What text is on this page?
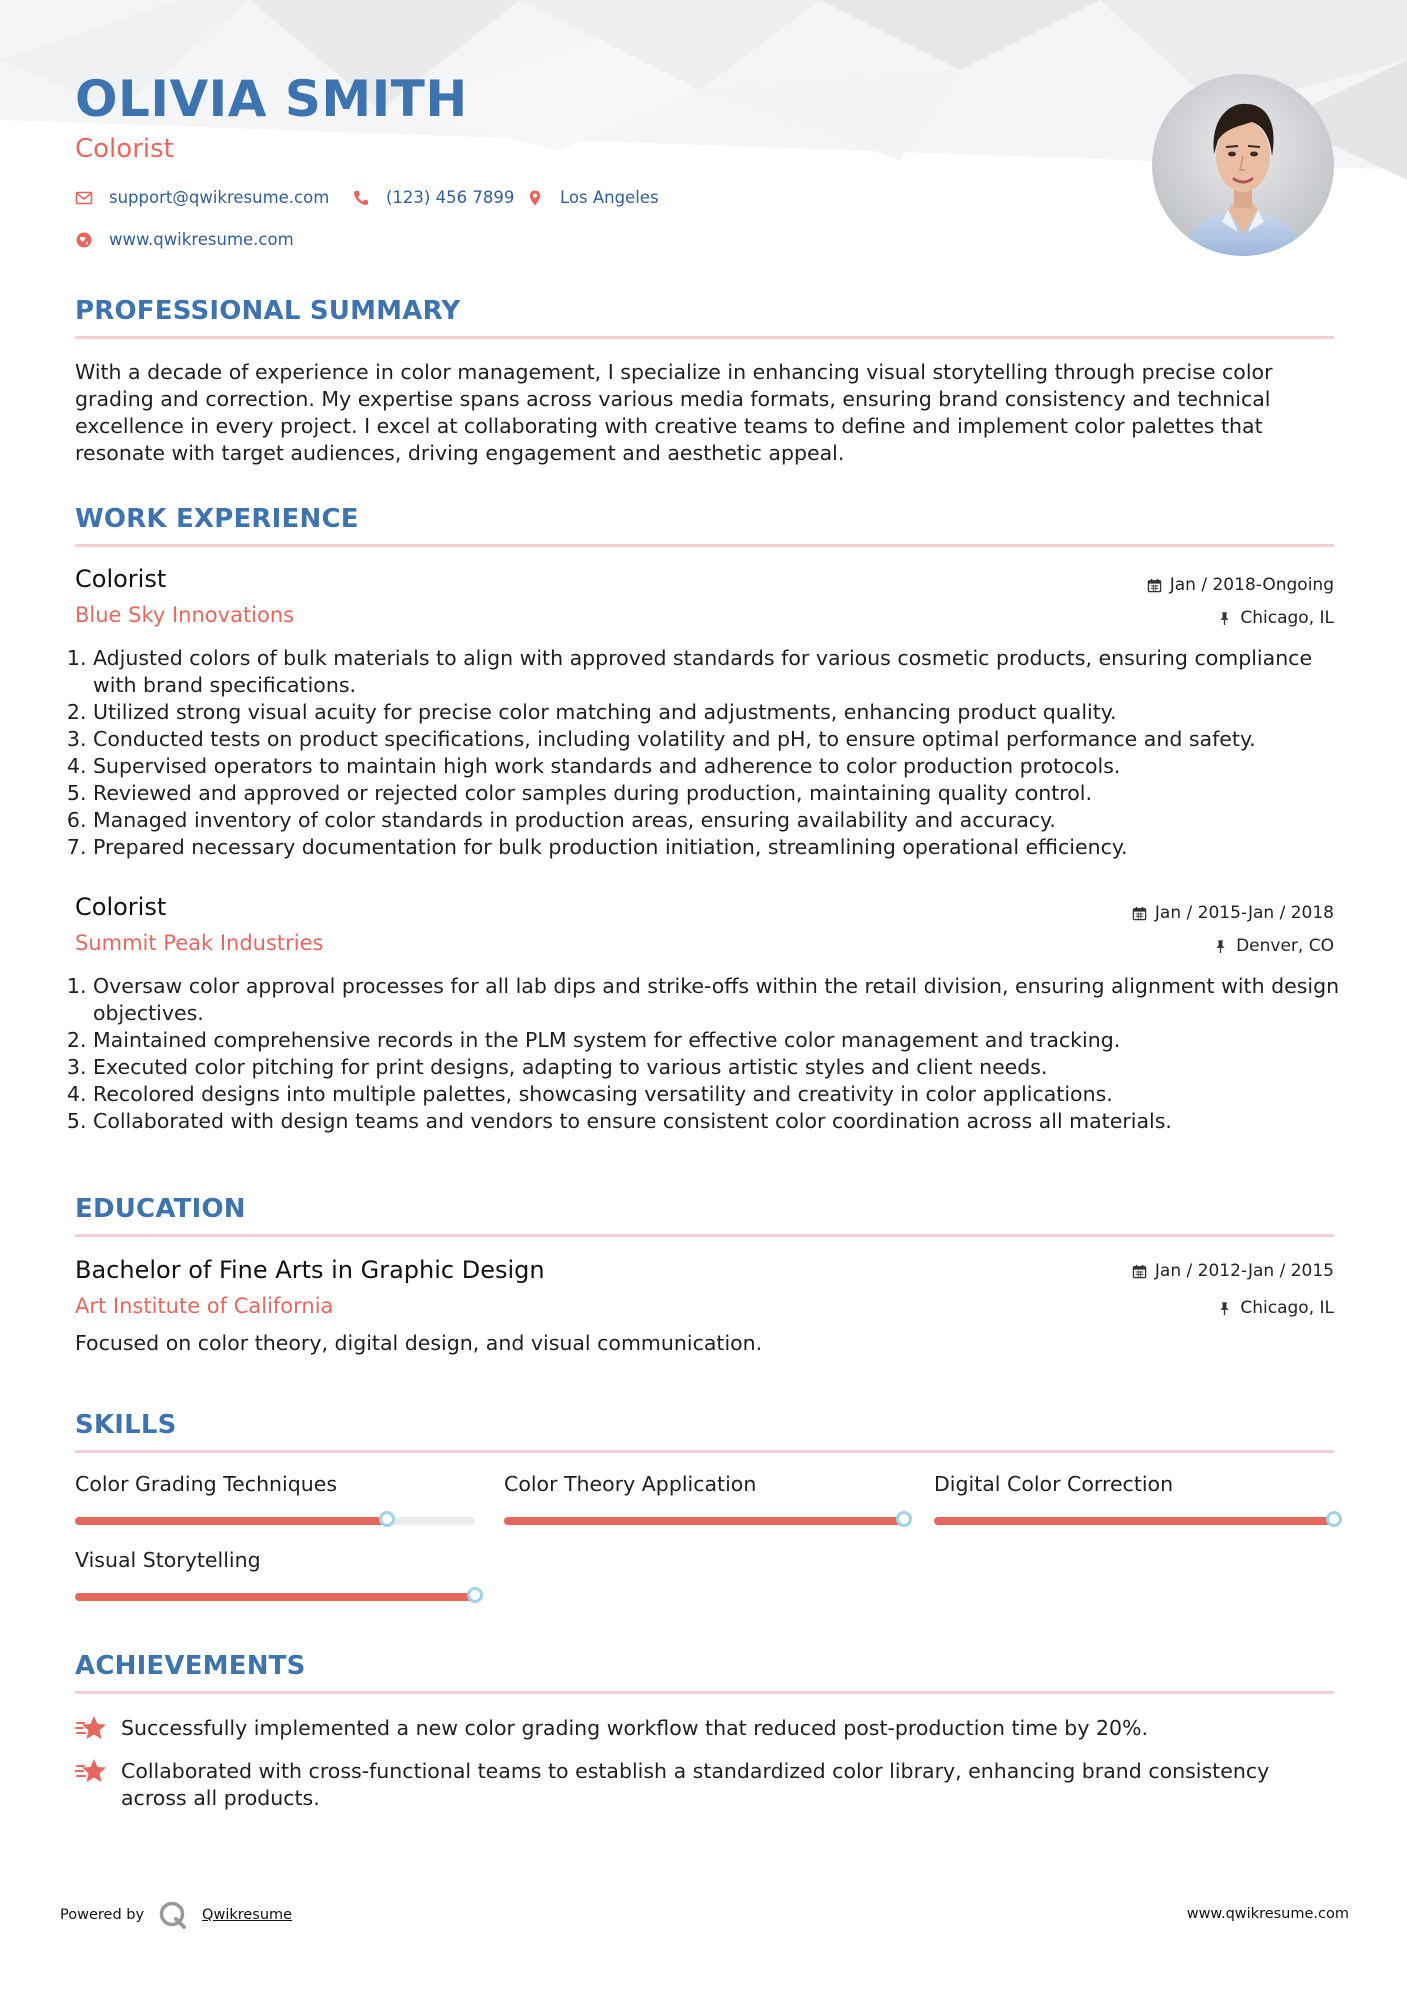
OLIVIA SMITH
Colorist
support@qwikresume.com	(123) 456 7899	Los Angeles
www.qwikresume.com
PROFESSIONAL SUMMARY

With a decade of experience in color management, I specialize in enhancing visual storytelling through precise color grading and correction. My expertise spans across various media formats, ensuring brand consistency and technical excellence in every project. I excel at collaborating with creative teams to define and implement color palettes that resonate with target audiences, driving engagement and aesthetic appeal.

WORK EXPERIENCE
Colorist	Jan / 2018-Ongoing
Blue Sky Innovations	Chicago, IL
1. Adjusted colors of bulk materials to align with approved standards for various cosmetic products, ensuring compliance with brand specifications.
2. Utilized strong visual acuity for precise color matching and adjustments, enhancing product quality.
3. Conducted tests on product specifications, including volatility and pH, to ensure optimal performance and safety.
4. Supervised operators to maintain high work standards and adherence to color production protocols.
5. Reviewed and approved or rejected color samples during production, maintaining quality control.
6. Managed inventory of color standards in production areas, ensuring availability and accuracy.
7. Prepared necessary documentation for bulk production initiation, streamlining operational efficiency.
Colorist	Jan / 2015-Jan / 2018
Summit Peak Industries	Denver, CO
1. Oversaw color approval processes for all lab dips and strike-offs within the retail division, ensuring alignment with design objectives.
2. Maintained comprehensive records in the PLM system for effective color management and tracking.
3. Executed color pitching for print designs, adapting to various artistic styles and client needs.
4. Recolored designs into multiple palettes, showcasing versatility and creativity in color applications.
5. Collaborated with design teams and vendors to ensure consistent color coordination across all materials.
EDUCATION
Bachelor of Fine Arts in Graphic Design	Jan / 2012-Jan / 2015
Art Institute of California	Chicago, IL

Focused on color theory, digital design, and visual communication.

SKILLS
Color Grading Techniques	Color Theory Application	Digital Color Correction
Visual Storytelling
ACHIEVEMENTS
Successfully implemented a new color grading workflow that reduced post-production time by 20%.
Collaborated with cross-functional teams to establish a standardized color library, enhancing brand consistency across all products.
Powered by	Qwikresume	www.qwikresume.com
